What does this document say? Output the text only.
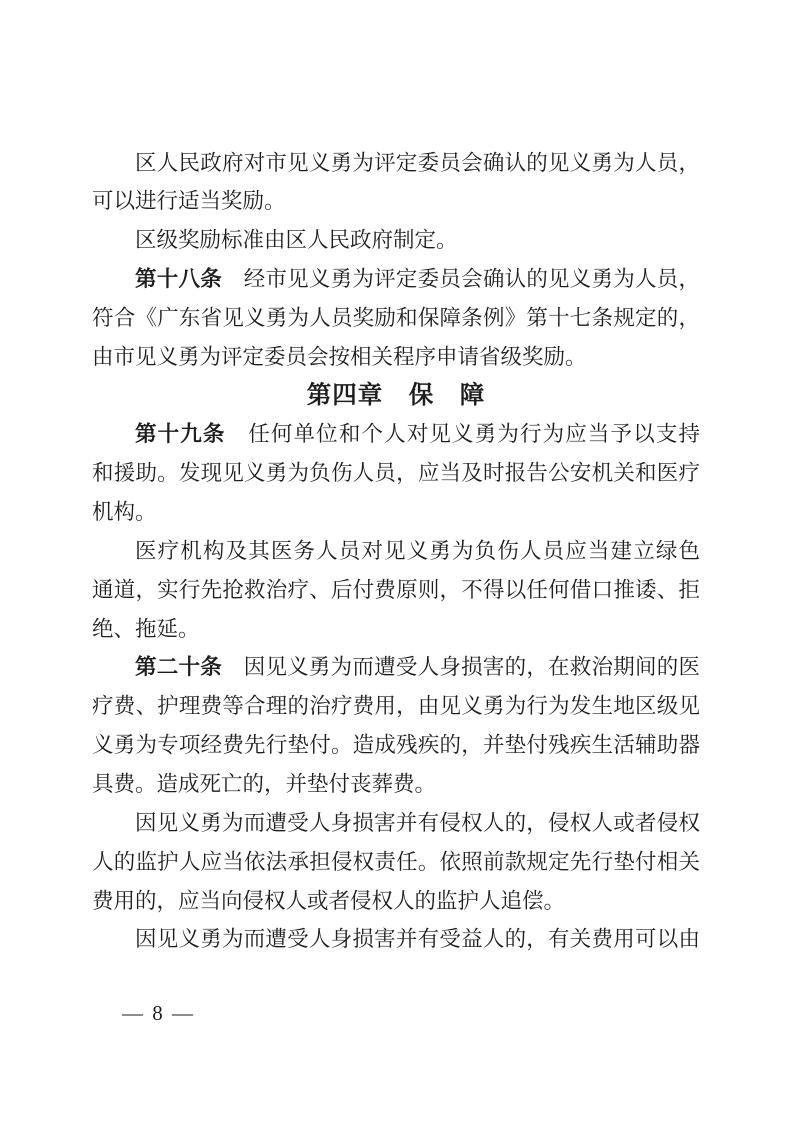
区人民政府对市见义勇为评定委员会确认的见义勇为人员，
可以进行适当奖励。
区级奖励标准由区人民政府制定。
第十八条　经市见义勇为评定委员会确认的见义勇为人员，
符合《广东省见义勇为人员奖励和保障条例》第十七条规定的，
由市见义勇为评定委员会按相关程序申请省级奖励。
第四章　保　障
第十九条　任何单位和个人对见义勇为行为应当予以支持
和援助。发现见义勇为负伤人员，应当及时报告公安机关和医疗
机构。
医疗机构及其医务人员对见义勇为负伤人员应当建立绿色
通道，实行先抢救治疗、后付费原则，不得以任何借口推诿、拒
绝、拖延。
第二十条　因见义勇为而遭受人身损害的，在救治期间的医
疗费、护理费等合理的治疗费用，由见义勇为行为发生地区级见
义勇为专项经费先行垫付。造成残疾的，并垫付残疾生活辅助器
具费。造成死亡的，并垫付丧葬费。
因见义勇为而遭受人身损害并有侵权人的，侵权人或者侵权
人的监护人应当依法承担侵权责任。依照前款规定先行垫付相关
费用的，应当向侵权人或者侵权人的监护人追偿。
因见义勇为而遭受人身损害并有受益人的，有关费用可以由
— 8 —
